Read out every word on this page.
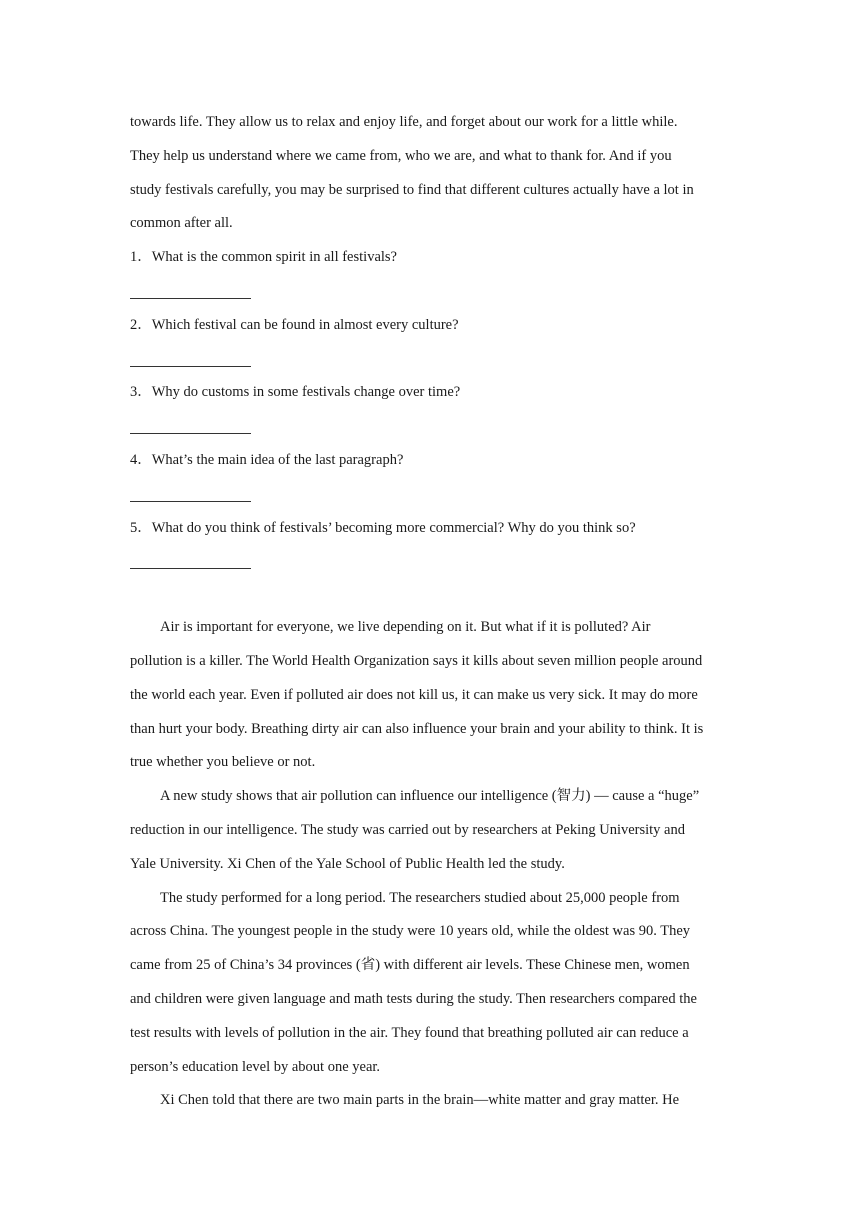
towards life. They allow us to relax and enjoy life, and forget about our work for a little while.
They help us understand where we came from, who we are, and what to thank for. And if you
study festivals carefully, you may be surprised to find that different cultures actually have a lot in
common after all.
1．What is the common spirit in all festivals?
2．Which festival can be found in almost every culture?
3．Why do customs in some festivals change over time?
4．What’s the main idea of the last paragraph?
5．What do you think of festivals’ becoming more commercial? Why do you think so?
Air is important for everyone, we live depending on it. But what if it is polluted? Air
pollution is a killer. The World Health Organization says it kills about seven million people around
the world each year. Even if polluted air does not kill us, it can make us very sick. It may do more
than hurt your body. Breathing dirty air can also influence your brain and your ability to think. It is
true whether you believe or not.
A new study shows that air pollution can influence our intelligence (智力) — cause a “huge”
reduction in our intelligence. The study was carried out by researchers at Peking University and
Yale University. Xi Chen of the Yale School of Public Health led the study.
The study performed for a long period. The researchers studied about 25,000 people from
across China. The youngest people in the study were 10 years old, while the oldest was 90. They
came from 25 of China’s 34 provinces (省) with different air levels. These Chinese men, women
and children were given language and math tests during the study. Then researchers compared the
test results with levels of pollution in the air. They found that breathing polluted air can reduce a
person’s education level by about one year.
Xi Chen told that there are two main parts in the brain—white matter and gray matter. He
